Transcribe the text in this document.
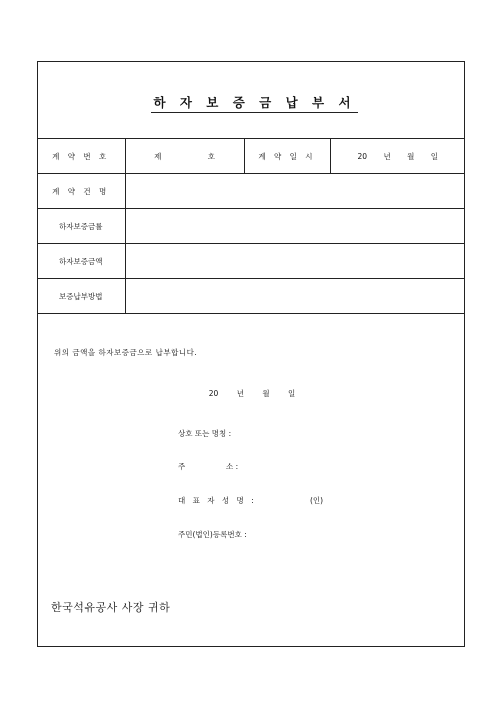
하 자 보 증 금 납 부 서
계 약 번 호	제 호	계 약 일 시	20 년 월 일
계 약 건 명			
하자보증금률			
하자보증금액			
보증납부방법			
위의 금액을 하자보증금으로 납부합니다.
20 년 월 일
상호 또는 명칭 :
주	소 :
대 표 자 성 명 :	(인)
주민(법인)등록번호 :
한국석유공사 사장 귀하
